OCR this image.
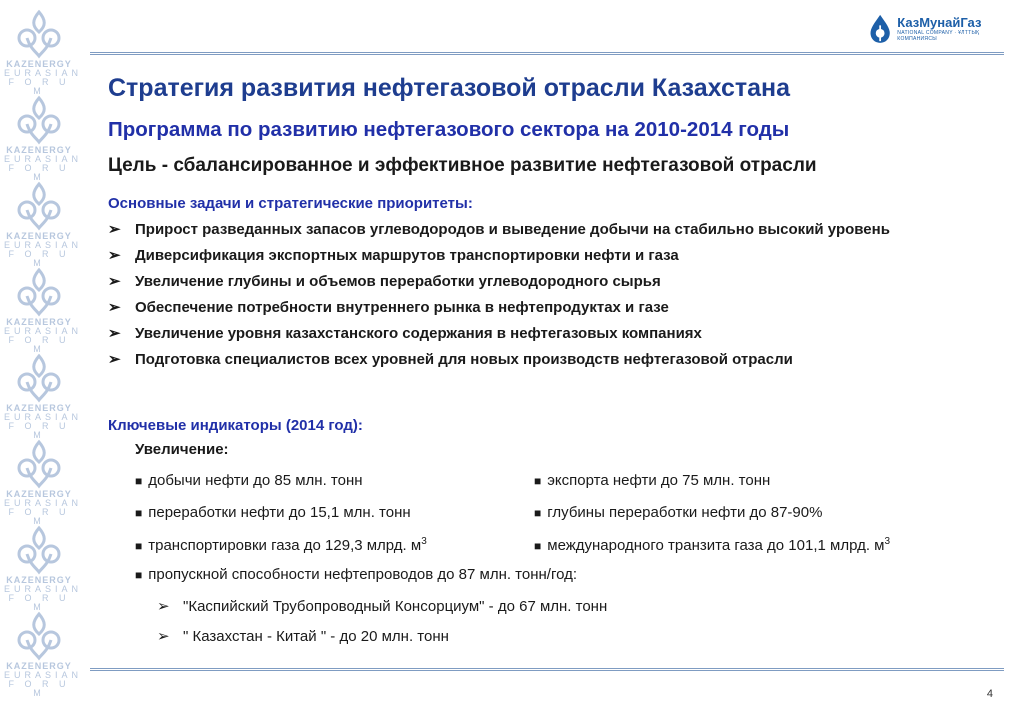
KAZENERGY
EURASIAN
F O R U M
KAZENERGY
EURASIAN
F O R U M
KAZENERGY
EURASIAN
F O R U M
KAZENERGY
EURASIAN
F O R U M
KAZENERGY
EURASIAN
F O R U M
KAZENERGY
EURASIAN
F O R U M
KAZENERGY
EURASIAN
F O R U M
KAZENERGY
EURASIAN
F O R U M
КазМунайГаз
NATIONAL COMPANY · ҰЛТТЫҚ КОМПАНИЯСЫ
Стратегия развития нефтегазовой отрасли Казахстана
Программа по развитию нефтегазового сектора на 2010-2014 годы
Цель - сбалансированное и эффективное развитие нефтегазовой отрасли
Основные задачи и стратегические приоритеты:
➢ Прирост разведанных запасов углеводородов и выведение добычи на стабильно высокий уровень
➢ Диверсификация экспортных маршрутов транспортировки нефти и газа
➢ Увеличение глубины и объемов переработки углеводородного сырья
➢ Обеспечение потребности внутреннего рынка в нефтепродуктах и газе
➢ Увеличение уровня казахстанского содержания в нефтегазовых компаниях
➢ Подготовка специалистов всех уровней для новых производств нефтегазовой отрасли
Ключевые индикаторы (2014 год):
Увеличение:
■ добычи нефти до 85 млн. тонн
■ переработки нефти до 15,1 млн. тонн
■ транспортировки газа до 129,3 млрд. $м^3$
■ экспорта нефти до 75 млн. тонн
■ глубины переработки нефти до 87-90%
■ международного транзита газа до 101,1 млрд. $м^3$
■ пропускной способности нефтепроводов до 87 млн. тонн/год:
➢ "Каспийский Трубопроводный Консорциум" - до 67 млн. тонн
➢ " Казахстан - Китай " - до 20 млн. тонн
4
